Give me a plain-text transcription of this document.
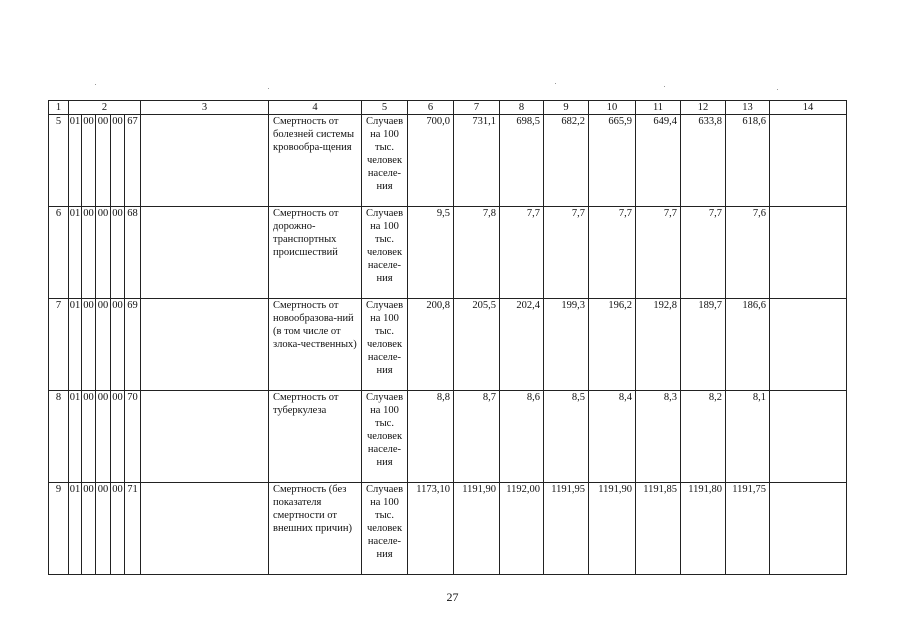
1	2					3	4	5	6	7	8	9	10	11	12	13	14
5	01	00	00	00	67		Смертность от болезней системы кровообра-щения	Случаев на 100 тыс. человек населе-ния	700,0	731,1	698,5	682,2	665,9	649,4	633,8	618,6	
6	01	00	00	00	68		Смертность от дорожно-транспортных происшествий	Случаев на 100 тыс. человек населе-ния	9,5	7,8	7,7	7,7	7,7	7,7	7,7	7,6	
7	01	00	00	00	69		Смертность от новообразова-ний (в том числе от злока-чественных)	Случаев на 100 тыс. человек населе-ния	200,8	205,5	202,4	199,3	196,2	192,8	189,7	186,6	
8	01	00	00	00	70		Смертность от туберкулеза	Случаев на 100 тыс. человек населе-ния	8,8	8,7	8,6	8,5	8,4	8,3	8,2	8,1	
9	01	00	00	00	71		Смертность (без показателя смертности от внешних причин)	Случаев на 100 тыс. человек населе-ния	1173,10	1191,90	1192,00	1191,95	1191,90	1191,85	1191,80	1191,75	
27
